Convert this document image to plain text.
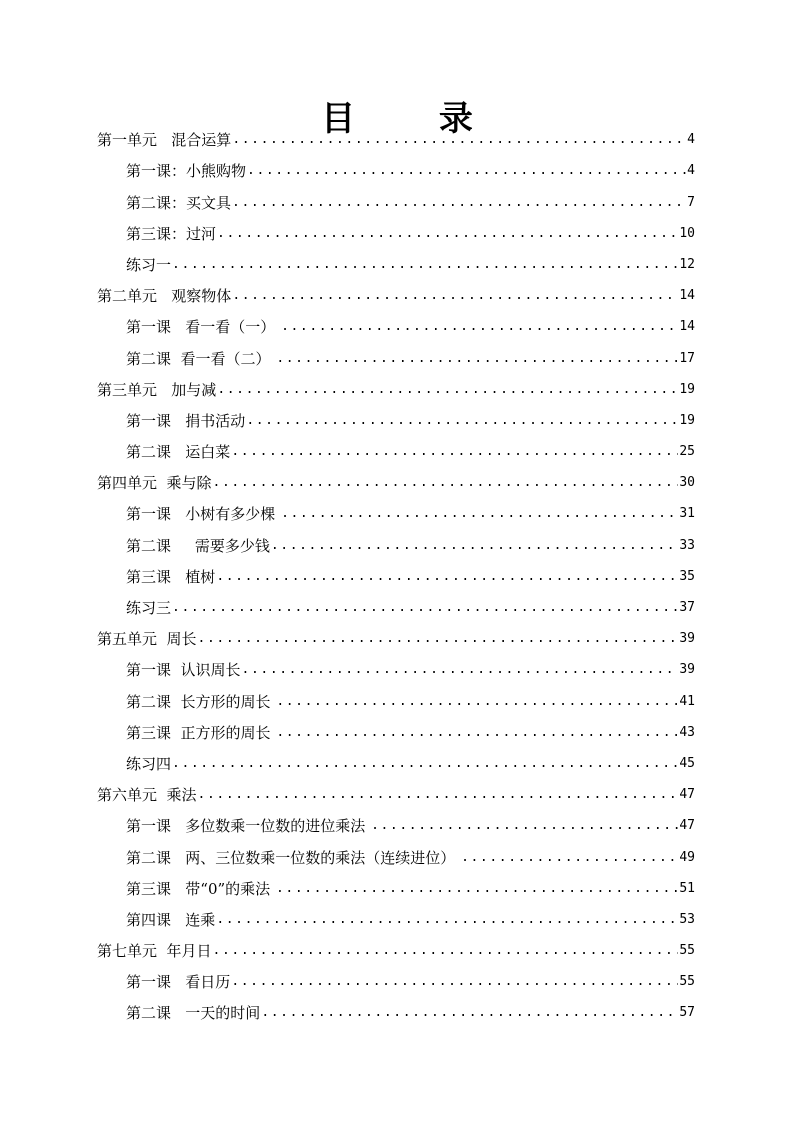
目 录
第一单元   混合运算 .....	4
第一课：小熊购物 .....	4
第二课：买文具 .....	7
第三课：过河 .....	10
练习一 .....	12
第二单元   观察物体 .....	14
第一课   看一看（一） .....	14
第二课  看一看（二） .....	17
第三单元   加与减 .....	19
第一课   捐书活动 .....	19
第二课   运白菜 .....	25
第四单元  乘与除 .....	30
第一课   小树有多少棵 .....	31
第二课     需要多少钱 .....	33
第三课   植树 .....	35
练习三 .....	37
第五单元  周长 .....	39
第一课  认识周长 .....	39
第二课  长方形的周长 .....	41
第三课  正方形的周长 .....	43
练习四 .....	45
第六单元  乘法 .....	47
第一课   多位数乘一位数的进位乘法 .....	47
第二课   两、三位数乘一位数的乘法（连续进位） .....	49
第三课   带“0”的乘法 .....	51
第四课   连乘 .....	53
第七单元  年月日 .....	55
第一课   看日历 .....	55
第二课   一天的时间 .....	57
